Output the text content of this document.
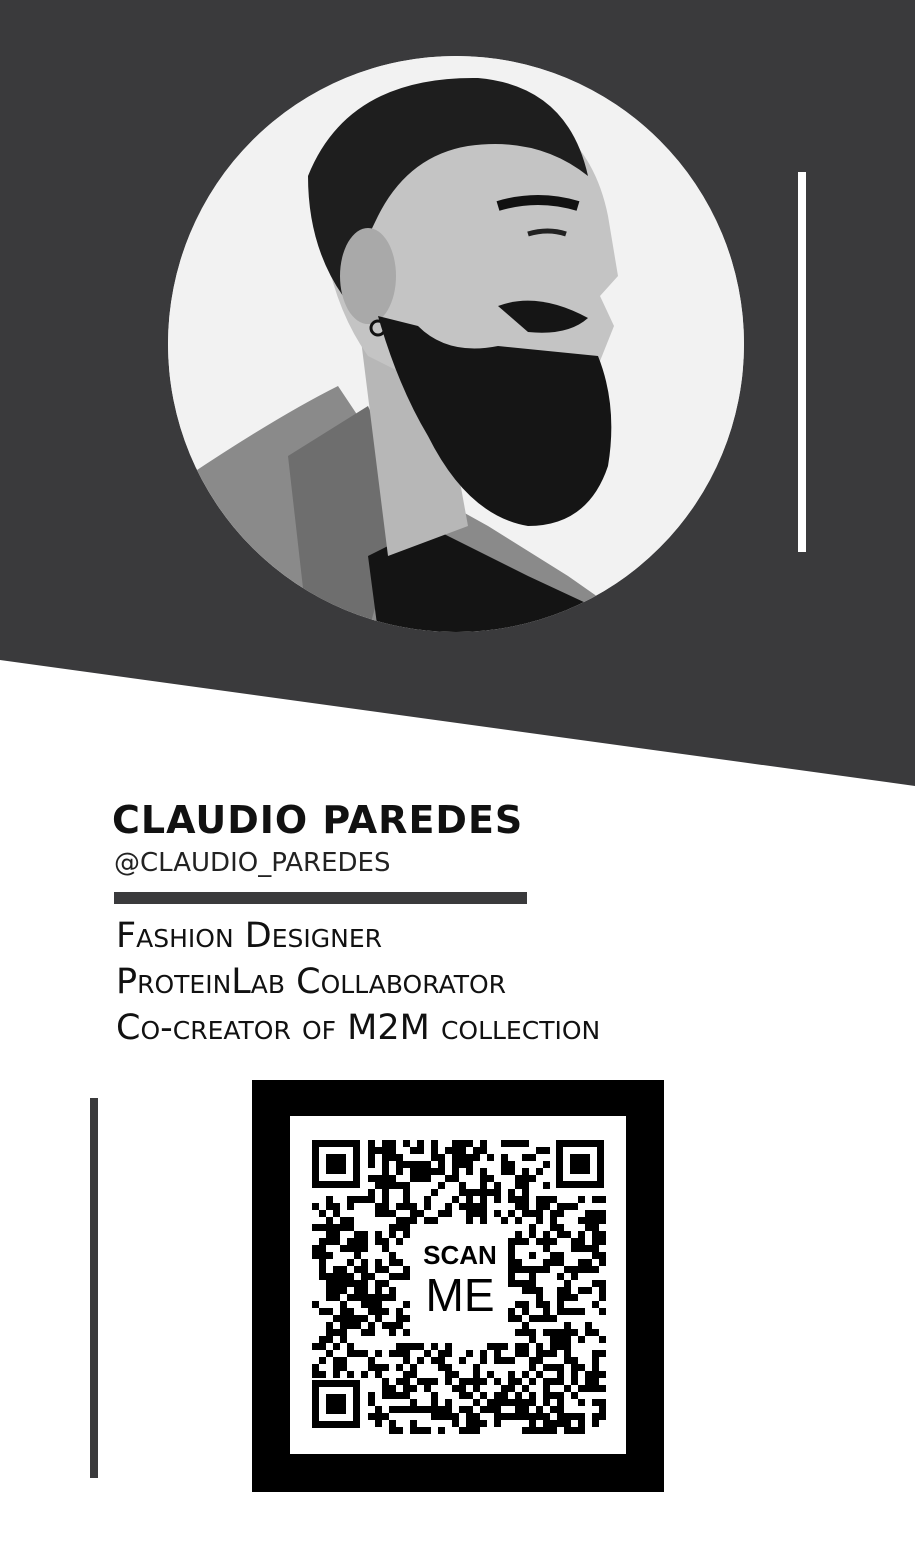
CLAUDIO PAREDES
@CLAUDIO_PAREDES
Fashion Designer
ProteinLab Collaborator
Co-creator of M2M collection
SCAN
ME
